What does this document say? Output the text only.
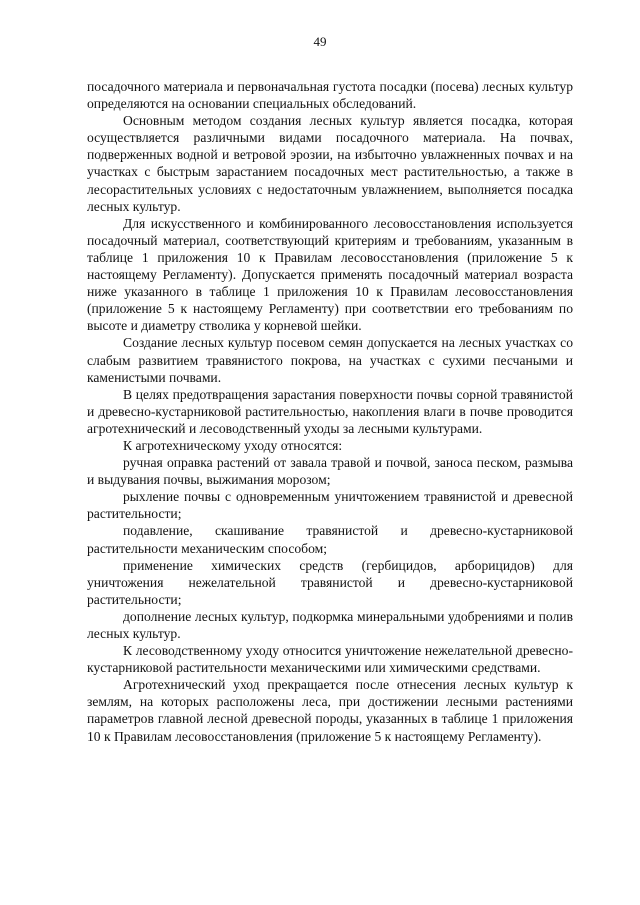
49

посадочного материала и первоначальная густота посадки (посева) лесных культур определяются на основании специальных обследований.

Основным методом создания лесных культур является посадка, которая осуществляется различными видами посадочного материала. На почвах, подверженных водной и ветровой эрозии, на избыточно увлажненных почвах и на участках с быстрым зарастанием посадочных мест растительностью, а также в лесорастительных условиях с недостаточным увлажнением, выполняется посадка лесных культур.

Для искусственного и комбинированного лесовосстановления используется посадочный материал, соответствующий критериям и требованиям, указанным в таблице 1 приложения 10 к Правилам лесовосстановления (приложение 5 к настоящему Регламенту). Допускается применять посадочный материал возраста ниже указанного в таблице 1 приложения 10 к Правилам лесовосстановления (приложение 5 к настоящему Регламенту) при соответствии его требованиям по высоте и диаметру стволика у корневой шейки.

Создание лесных культур посевом семян допускается на лесных участках со слабым развитием травянистого покрова, на участках с сухими песчаными и каменистыми почвами.

В целях предотвращения зарастания поверхности почвы сорной травянистой и древесно-кустарниковой растительностью, накопления влаги в почве проводится агротехнический и лесоводственный уходы за лесными культурами.

К агротехническому уходу относятся:

ручная оправка растений от завала травой и почвой, заноса песком, размыва и выдувания почвы, выжимания морозом;

рыхление почвы с одновременным уничтожением травянистой и древесной растительности;

подавление, скашивание травянистой и древесно-кустарниковой растительности механическим способом;

применение химических средств (гербицидов, арборицидов) для уничтожения нежелательной травянистой и древесно-кустарниковой растительности;

дополнение лесных культур, подкормка минеральными удобрениями и полив лесных культур.

К лесоводственному уходу относится уничтожение нежелательной древесно-кустарниковой растительности механическими или химическими средствами.

Агротехнический уход прекращается после отнесения лесных культур к землям, на которых расположены леса, при достижении лесными растениями параметров главной лесной древесной породы, указанных в таблице 1 приложения 10 к Правилам лесовосстановления (приложение 5 к настоящему Регламенту).
